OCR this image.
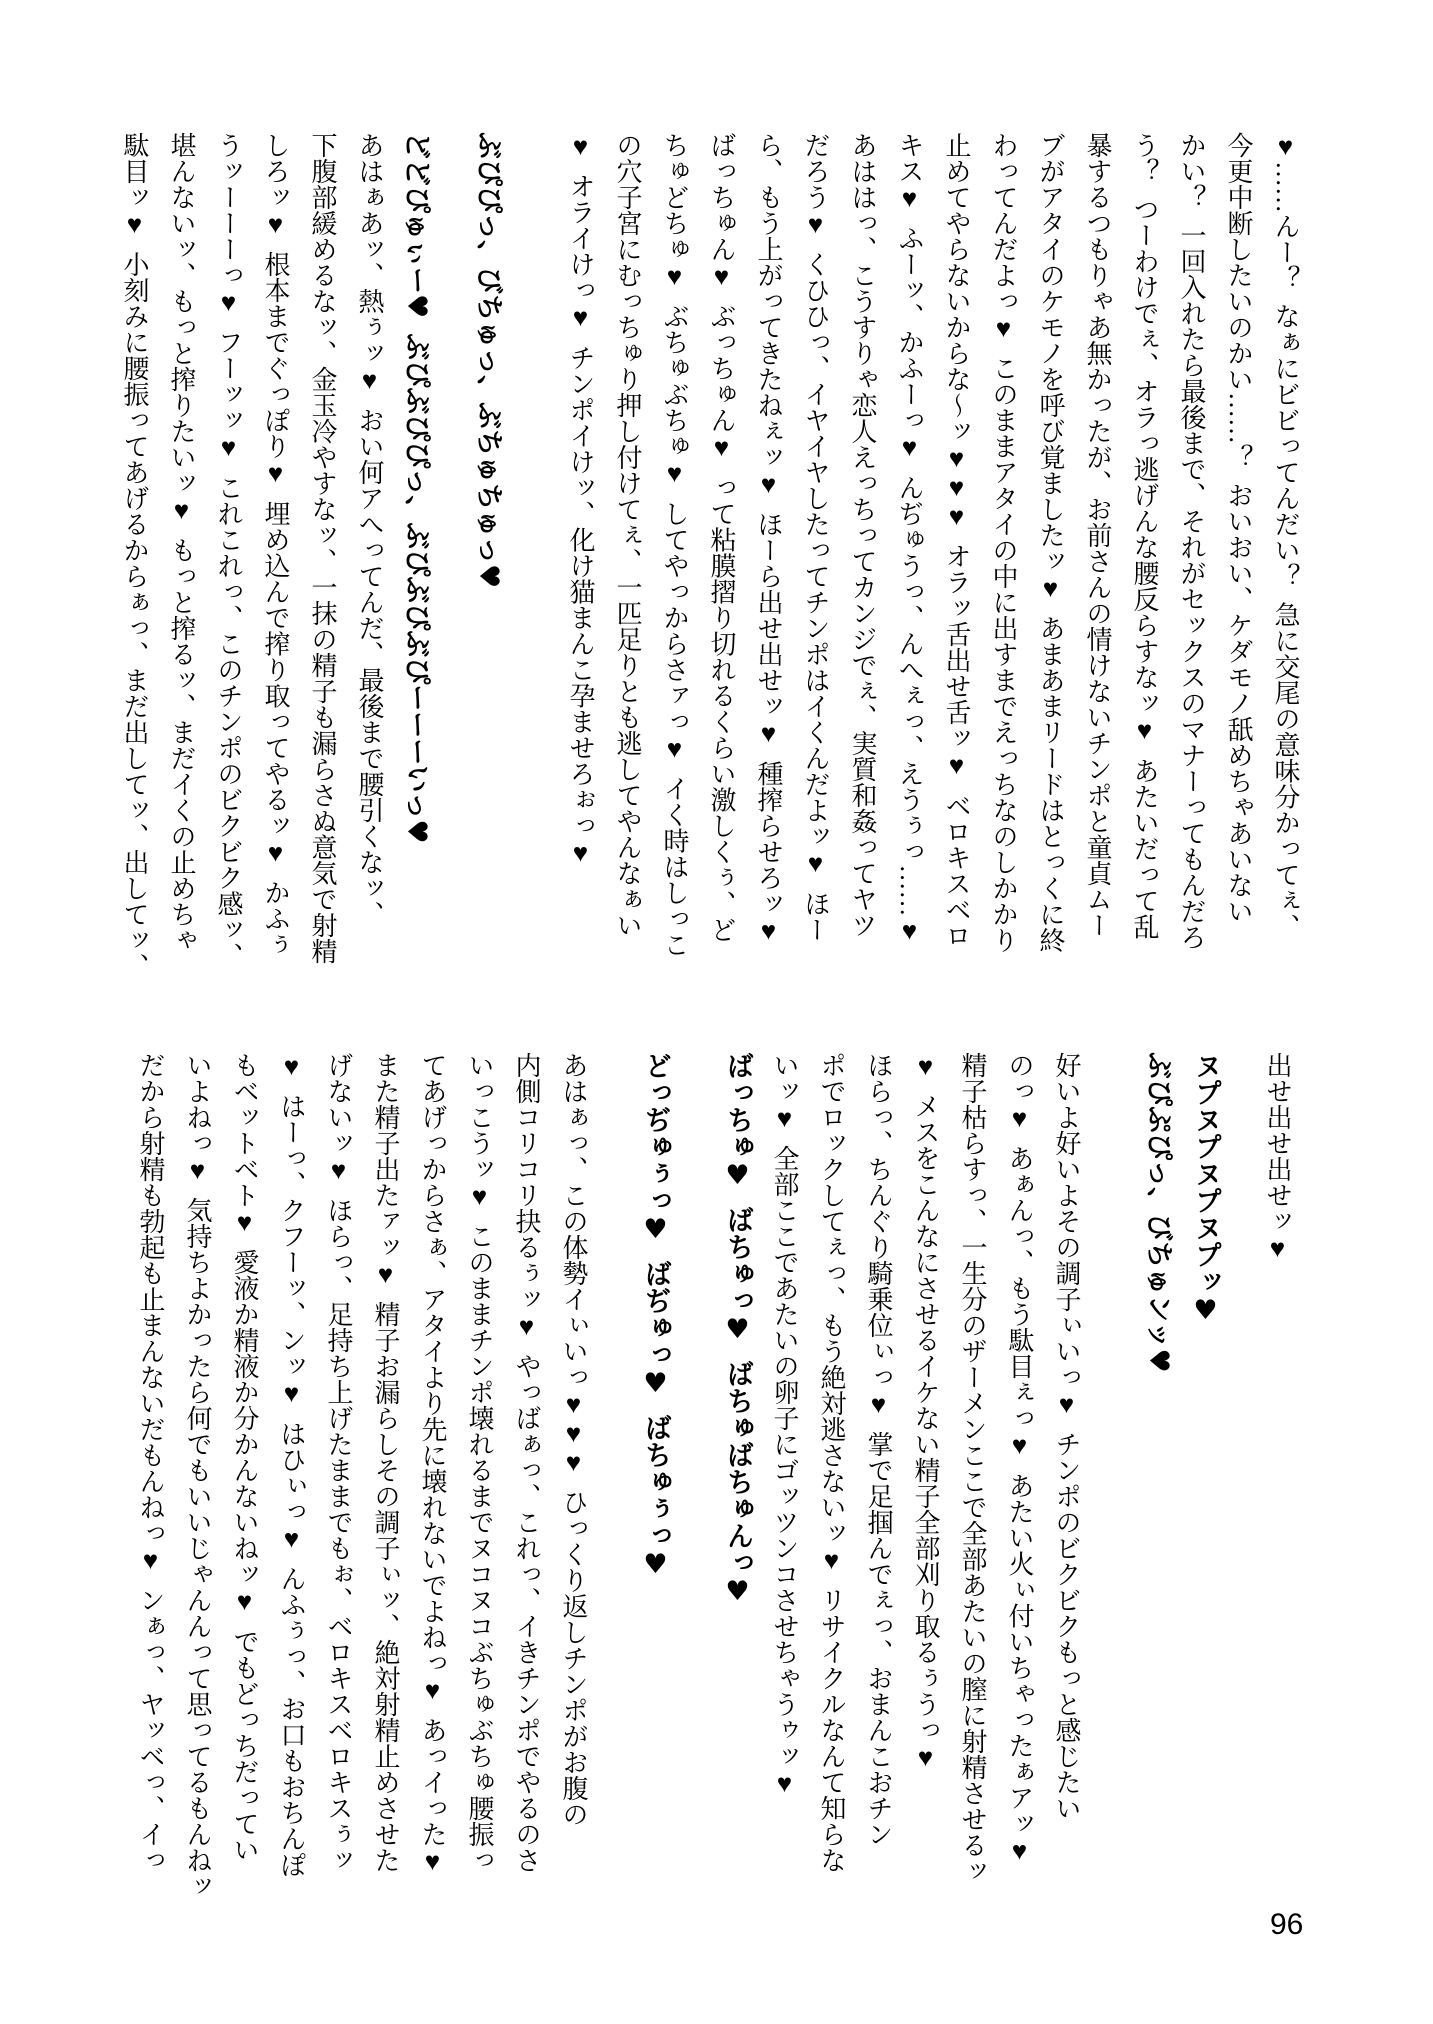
♥……んー？ なぁにビビってんだい？ 急に交尾の意味分かってぇ、
今更中断したいのかい……？ おいおい、ケダモノ舐めちゃあいない
かい？ 一回入れたら最後まで、それがセックスのマナーってもんだろ
う？ つーわけでぇ、オラっ逃げんな腰反らすなッ♥ あたいだって乱
暴するつもりゃあ無かったが、お前さんの情けないチンポと童貞ムー
ブがアタイのケモノを呼び覚ましたッ♥ あまあまリードはとっくに終
わってんだよっ♥ このままアタイの中に出すまでえっちなのしかかり
止めてやらないからな〜ッ♥♥♥ オラッ舌出せ舌ッ♥ ベロキスベロ
キス♥ ふーッ、かふーっ♥ んぢゅうっ、んへぇっ、えうぅっ……♥
あははっ、こうすりゃ恋人えっちってカンジでぇ、実質和姦ってヤツ
だろう♥ くひひっ、イヤイヤしたってチンポはイくんだよッ♥ ほー
ら、もう上がってきたねぇッ♥ ほーら出せ出せッ♥ 種搾らせろッ♥
ばっちゅん♥ ぶっちゅん♥ って粘膜摺り切れるくらい激しくぅ、ど
ちゅどちゅ♥ ぶちゅぶちゅ♥ してやっからさァっ♥ イく時はしっこ
の穴子宮にむっちゅり押し付けてぇ、一匹足りとも逃してやんなぁい
♥ オライけっ♥ チンポイけッ、化け猫まんこ孕ませろぉっ♥
ぶぴぴっ、びちゅっ、ぶちゅちゅっ♥
どどぴゅぃー♥ ぶぴぶぴぴっ、ぶぴぶぴぶぴーーーいっ♥
あはぁあッ、熱ぅッ♥ おい何アへってんだ、最後まで腰引くなッ、
下腹部緩めるなッ、金玉冷やすなッ、一抹の精子も漏らさぬ意気で射精
しろッ♥ 根本までぐっぽり♥ 埋め込んで搾り取ってやるッ♥ かふぅ
うッーーーっ♥ フーッッ♥ これこれっ、このチンポのビクビク感ッ、
堪んないッ、もっと搾りたいッ♥ もっと搾るッ、まだイくの止めちゃ
駄目ッ♥ 小刻みに腰振ってあげるからぁっ、まだ出してッ、出してッ、
出せ出せ出せッ♥
ヌプヌプヌプヌプッ♥
ぶぴぷぴっ、びちゅンッ♥
好いよ好いよその調子ぃいっ♥ チンポのビクビクもっと感じたい
のっ♥ あぁんっ、もう駄目ぇっ♥ あたい火ぃ付いちゃったぁアッ♥
精子枯らすっ、一生分のザーメンここで全部あたいの膣に射精させるッ
♥ メスをこんなにさせるイケない精子全部刈り取るぅうっ♥
ほらっ、ちんぐり騎乗位ぃっ♥ 掌で足掴んでぇっ、おまんこおチン
ポでロックしてぇっ、もう絶対逃さないッ♥ リサイクルなんて知らな
いッ♥ 全部ここであたいの卵子にゴッツンコさせちゃうゥッ♥
ばっちゅ♥ ばちゅっ♥ ばちゅばちゅんっ♥
どっぢゅぅっ♥ ばぢゅっ♥ ばちゅぅっ♥
あはぁっ、この体勢イぃいっ♥♥♥ ひっくり返しチンポがお腹の
内側コリコリ抉るぅッ♥ やっばぁっ、これっ、イきチンポでやるのさ
いっこうッ♥ このままチンポ壊れるまでヌコヌコぶちゅぶちゅ腰振っ
てあげっからさぁ、アタイより先に壊れないでよねっ♥ あっイった♥
また精子出たァッ♥ 精子お漏らしその調子ぃッ、絶対射精止めさせた
げないッ♥ ほらっ、足持ち上げたままでもぉ、ベロキスベロキスぅッ
♥ はーっ、クフーッ、ンッ♥ はひぃっ♥ んふぅっ、お口もおちんぽ
もベットベト♥ 愛液か精液か分かんないねッ♥ でもどっちだってい
いよねっ♥ 気持ちよかったら何でもいいじゃんんって思ってるもんねッ
だから射精も勃起も止まんないだもんねっ♥ ンぁっ、ヤッベっ、イっ
96
